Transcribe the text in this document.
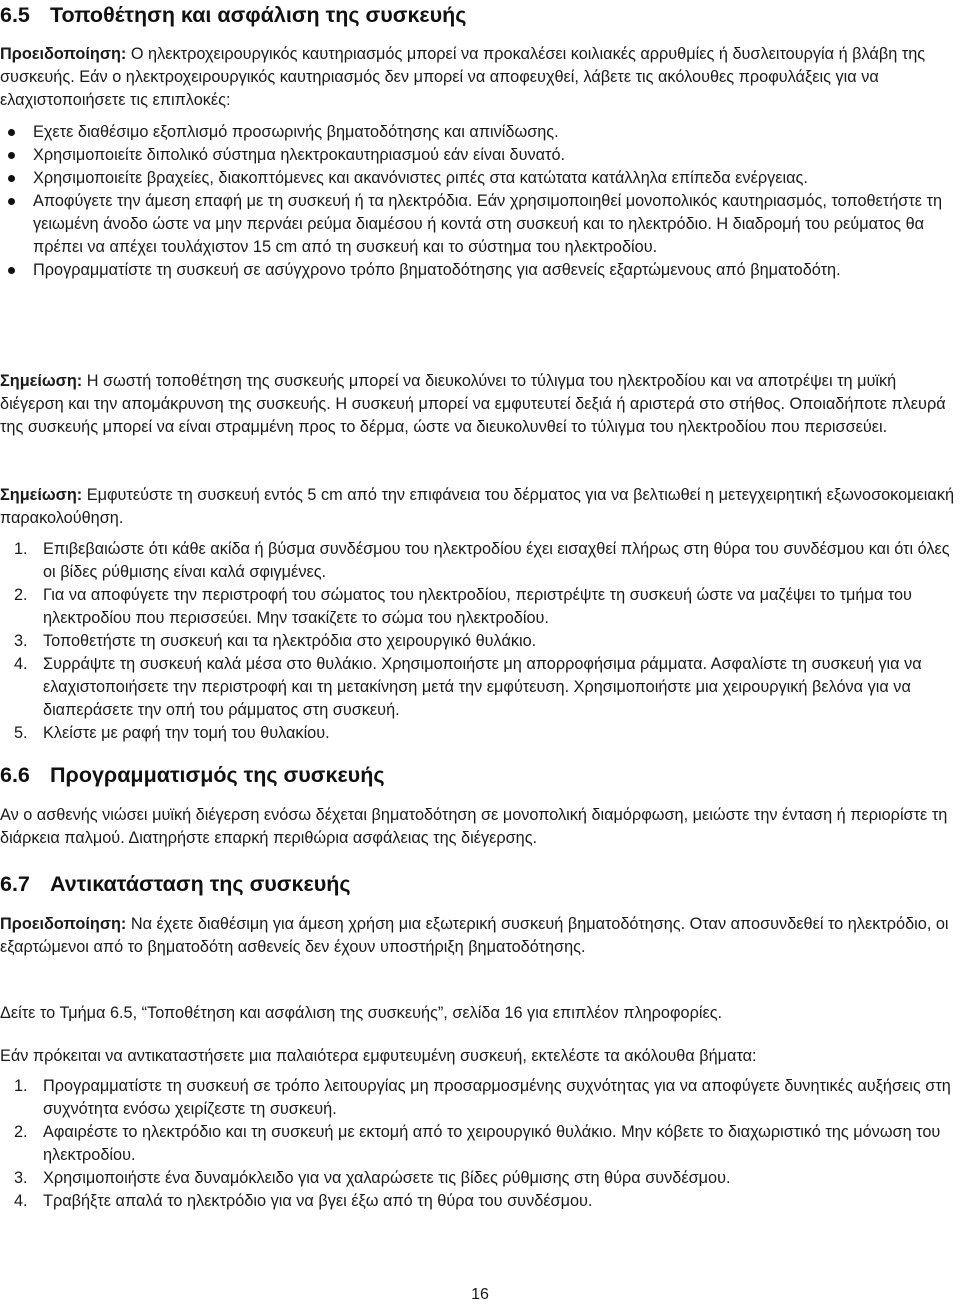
6.5 Τοποθέτηση και ασφάλιση της συσκευής

Προειδοποίηση: Ο ηλεκτροχειρουργικός καυτηριασμός μπορεί να προκαλέσει κοιλιακές αρρυθμίες ή δυσλειτουργία ή βλάβη της συσκευής. Εάν ο ηλεκτροχειρουργικός καυτηριασμός δεν μπορεί να αποφευχθεί, λάβετε τις ακόλουθες προφυλάξεις για να ελαχιστοποιήσετε τις επιπλοκές:

Εχετε διαθέσιμο εξοπλισμό προσωρινής βηματοδότησης και απινίδωσης.
Χρησιμοποιείτε διπολικό σύστημα ηλεκτροκαυτηριασμού εάν είναι δυνατό.
Χρησιμοποιείτε βραχείες, διακοπτόμενες και ακανόνιστες ριπές στα κατώτατα κατάλληλα επίπεδα ενέργειας.
Αποφύγετε την άμεση επαφή με τη συσκευή ή τα ηλεκτρόδια. Εάν χρησιμοποιηθεί μονοπολικός καυτηριασμός, τοποθετήστε τη γειωμένη άνοδο ώστε να μην περνάει ρεύμα διαμέσου ή κοντά στη συσκευή και το ηλεκτρόδιο. Η διαδρομή του ρεύματος θα πρέπει να απέχει τουλάχιστον 15 cm από τη συσκευή και το σύστημα του ηλεκτροδίου.
Προγραμματίστε τη συσκευή σε ασύγχρονο τρόπο βηματοδότησης για ασθενείς εξαρτώμενους από βηματοδότη.

Σημείωση: Η σωστή τοποθέτηση της συσκευής μπορεί να διευκολύνει το τύλιγμα του ηλεκτροδίου και να αποτρέψει τη μυϊκή διέγερση και την απομάκρυνση της συσκευής. Η συσκευή μπορεί να εμφυτευτεί δεξιά ή αριστερά στο στήθος. Οποιαδήποτε πλευρά της συσκευής μπορεί να είναι στραμμένη προς το δέρμα, ώστε να διευκολυνθεί το τύλιγμα του ηλεκτροδίου που περισσεύει.

Σημείωση: Εμφυτεύστε τη συσκευή εντός 5 cm από την επιφάνεια του δέρματος για να βελτιωθεί η μετεγχειρητική εξωνοσοκομειακή παρακολούθηση.

1. Επιβεβαιώστε ότι κάθε ακίδα ή βύσμα συνδέσμου του ηλεκτροδίου έχει εισαχθεί πλήρως στη θύρα του συνδέσμου και ότι όλες οι βίδες ρύθμισης είναι καλά σφιγμένες.
2. Για να αποφύγετε την περιστροφή του σώματος του ηλεκτροδίου, περιστρέψτε τη συσκευή ώστε να μαζέψει το τμήμα του ηλεκτροδίου που περισσεύει. Μην τσακίζετε το σώμα του ηλεκτροδίου.
3. Τοποθετήστε τη συσκευή και τα ηλεκτρόδια στο χειρουργικό θυλάκιο.
4. Συρράψτε τη συσκευή καλά μέσα στο θυλάκιο. Χρησιμοποιήστε μη απορροφήσιμα ράμματα. Ασφαλίστε τη συσκευή για να ελαχιστοποιήσετε την περιστροφή και τη μετακίνηση μετά την εμφύτευση. Χρησιμοποιήστε μια χειρουργική βελόνα για να διαπεράσετε την οπή του ράμματος στη συσκευή.
5. Κλείστε με ραφή την τομή του θυλακίου.
6.6 Προγραμματισμός της συσκευής

Αν ο ασθενής νιώσει μυϊκή διέγερση ενόσω δέχεται βηματοδότηση σε μονοπολική διαμόρφωση, μειώστε την ένταση ή περιορίστε τη διάρκεια παλμού. Διατηρήστε επαρκή περιθώρια ασφάλειας της διέγερσης.

6.7 Αντικατάσταση της συσκευής

Προειδοποίηση: Να έχετε διαθέσιμη για άμεση χρήση μια εξωτερική συσκευή βηματοδότησης. Οταν αποσυνδεθεί το ηλεκτρόδιο, οι εξαρτώμενοι από το βηματοδότη ασθενείς δεν έχουν υποστήριξη βηματοδότησης.

Δείτε το Τμήμα 6.5, “Τοποθέτηση και ασφάλιση της συσκευής”, σελίδα 16 για επιπλέον πληροφορίες.

Εάν πρόκειται να αντικαταστήσετε μια παλαιότερα εμφυτευμένη συσκευή, εκτελέστε τα ακόλουθα βήματα:

1. Προγραμματίστε τη συσκευή σε τρόπο λειτουργίας μη προσαρμοσμένης συχνότητας για να αποφύγετε δυνητικές αυξήσεις στη συχνότητα ενόσω χειρίζεστε τη συσκευή.
2. Αφαιρέστε το ηλεκτρόδιο και τη συσκευή με εκτομή από το χειρουργικό θυλάκιο. Μην κόβετε το διαχωριστικό της μόνωση του ηλεκτροδίου.
3. Χρησιμοποιήστε ένα δυναμόκλειδο για να χαλαρώσετε τις βίδες ρύθμισης στη θύρα συνδέσμου.
4. Τραβήξτε απαλά το ηλεκτρόδιο για να βγει έξω από τη θύρα του συνδέσμου.
16
